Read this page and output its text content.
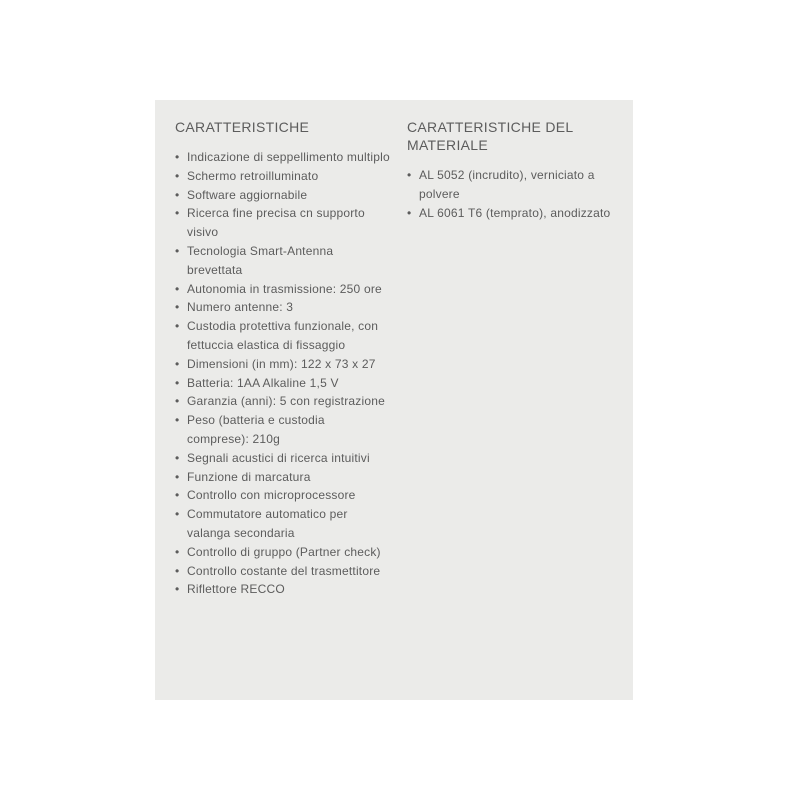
CARATTERISTICHE
• Indicazione di seppellimento multiplo
• Schermo retroilluminato
• Software aggiornabile
• Ricerca fine precisa cn supporto visivo
• Tecnologia Smart-Antenna brevettata
• Autonomia in trasmissione: 250 ore
• Numero antenne: 3
• Custodia protettiva funzionale, con fettuccia elastica di fissaggio
• Dimensioni (in mm): 122 x 73 x 27
• Batteria: 1AA Alkaline 1,5 V
• Garanzia (anni): 5 con registrazione
• Peso (batteria e custodia comprese): 210g
• Segnali acustici di ricerca intuitivi
• Funzione di marcatura
• Controllo con microprocessore
• Commutatore automatico per valanga secondaria
• Controllo di gruppo (Partner check)
• Controllo costante del trasmettitore
• Riflettore RECCO
CARATTERISTICHE DEL MATERIALE
• AL 5052 (incrudito), verniciato a polvere
• AL 6061 T6 (temprato), anodizzato
